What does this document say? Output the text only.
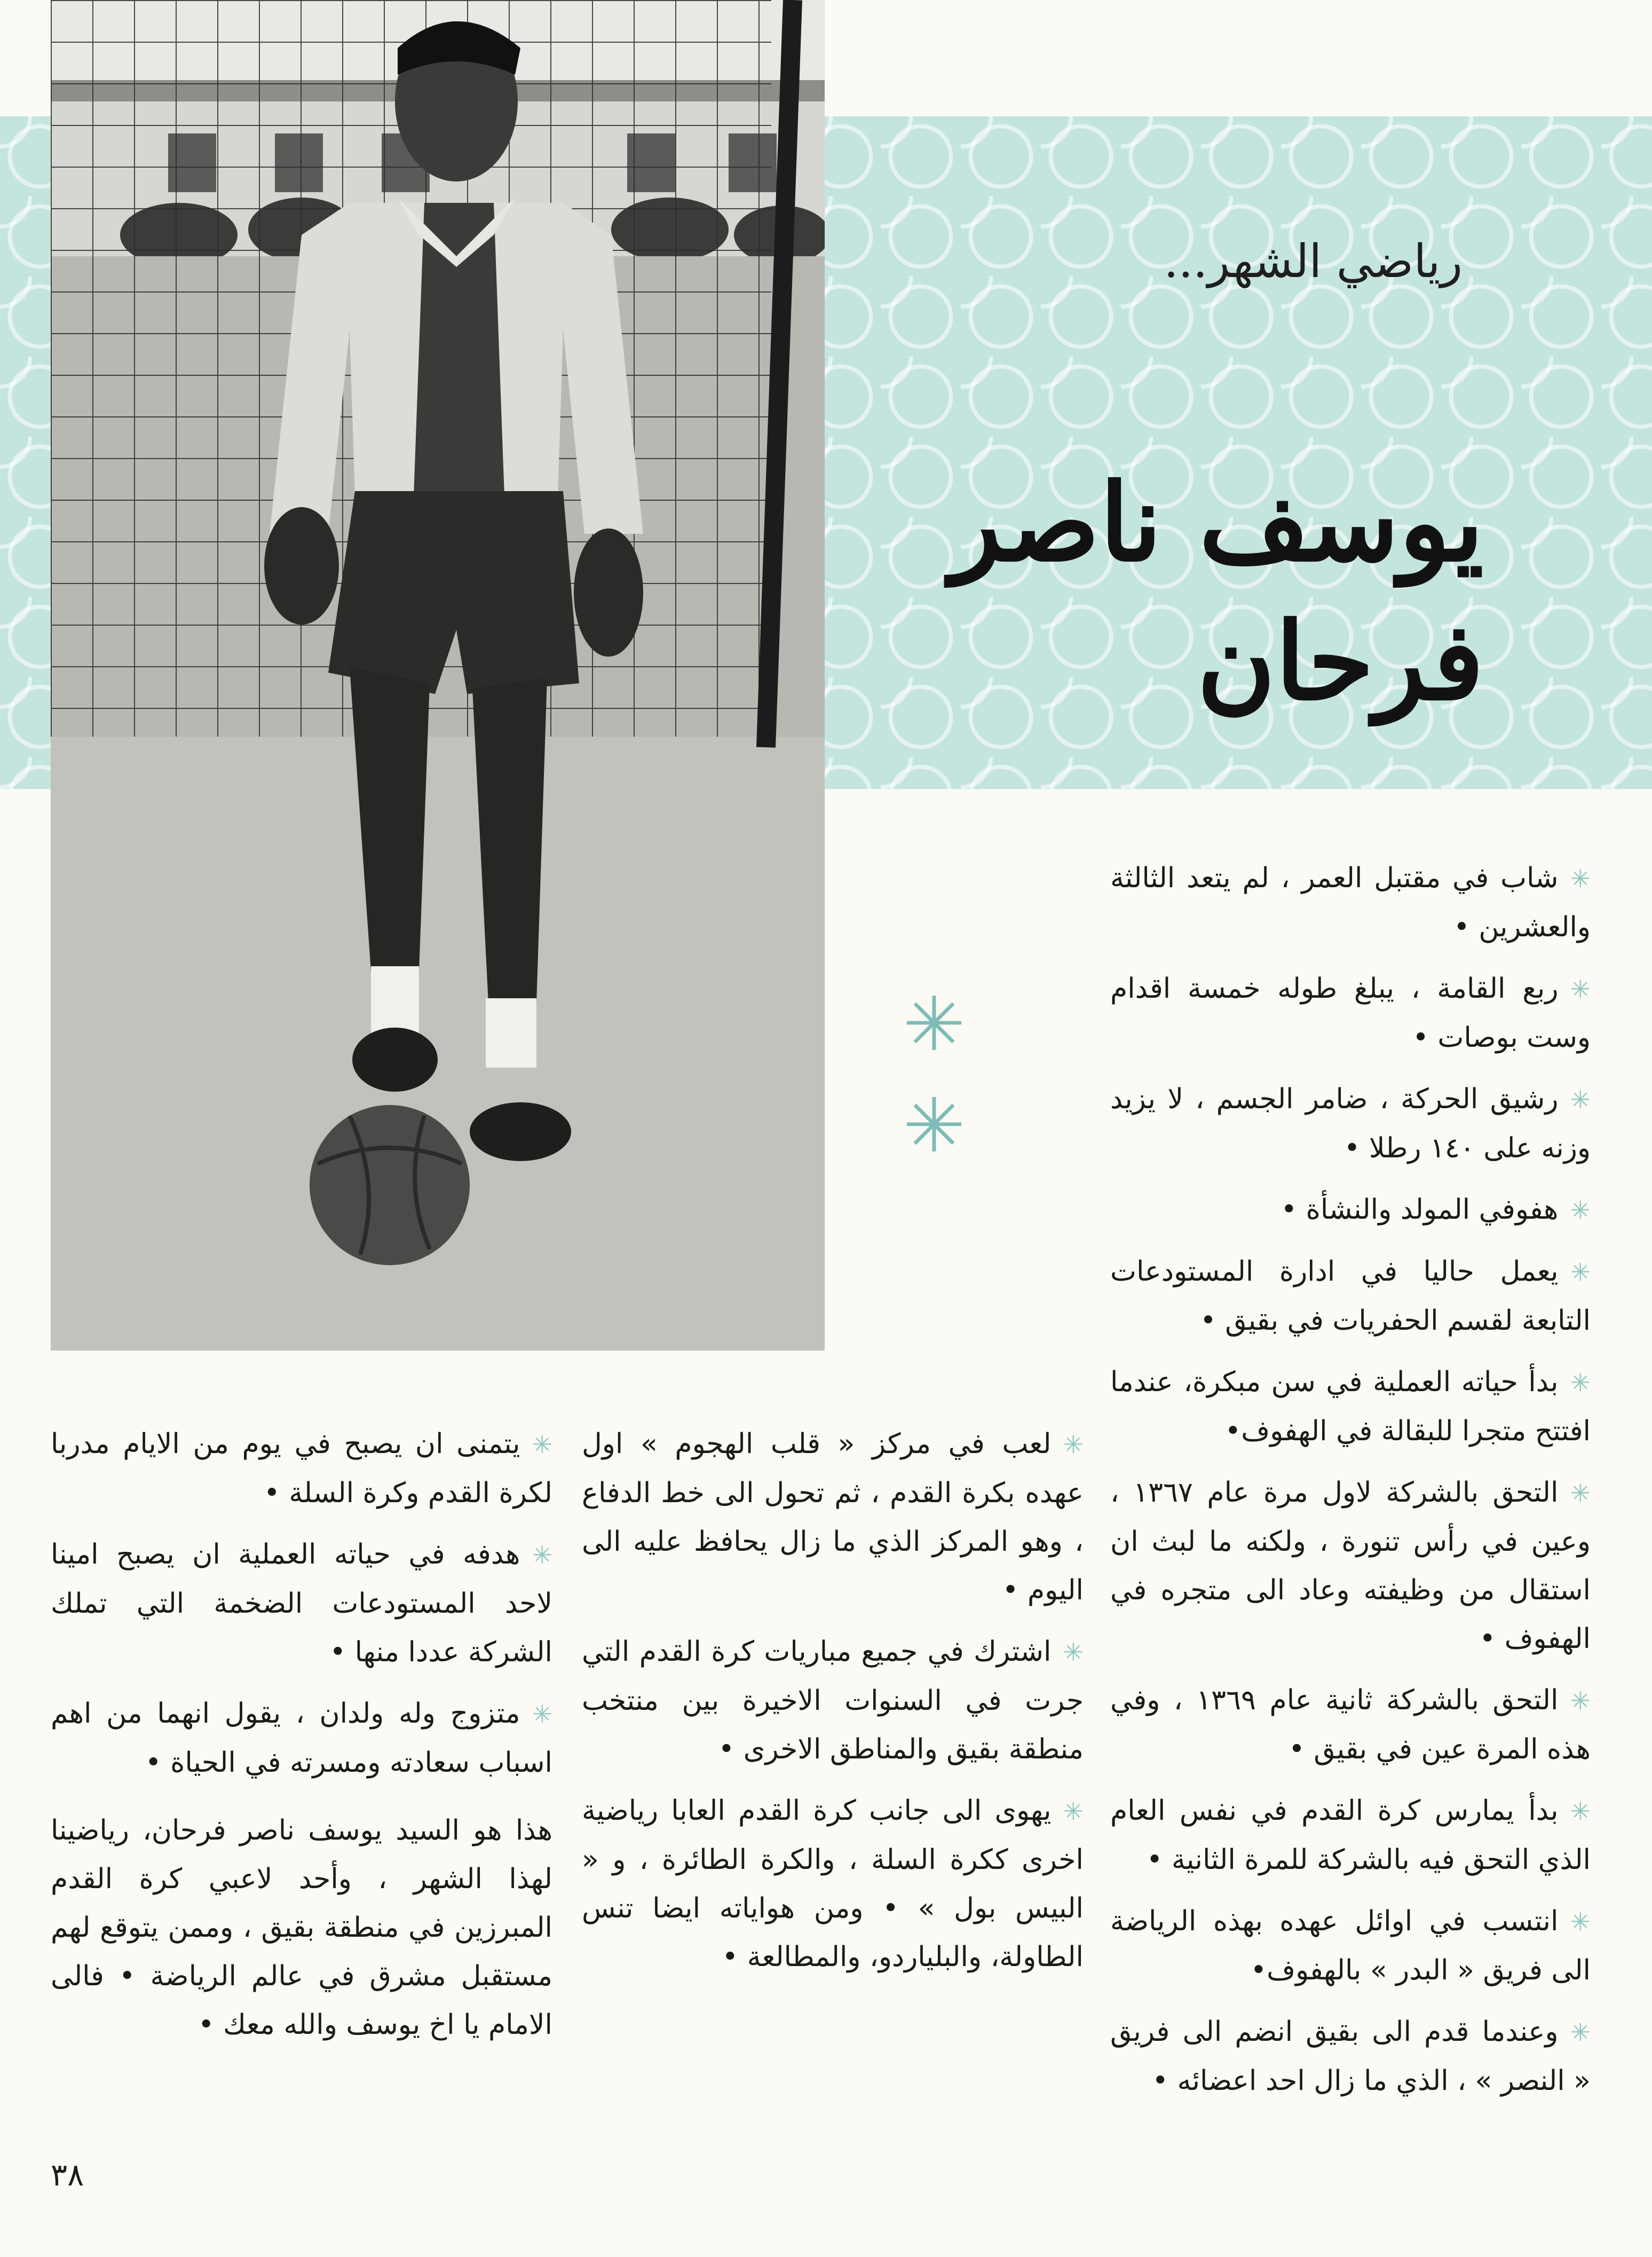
رياضي الشهر...
يوسف ناصر فرحان
✳
✳

✳شاب في مقتبل العمر ، لم يتعد الثالثة والعشرين •

✳ربع القامة ، يبلغ طوله خمسة اقدام وست بوصات •

✳رشيق الحركة ، ضامر الجسم ، لا يزيد وزنه على ١٤٠ رطلا •

✳هفوفي المولد والنشأة •

✳يعمل حاليا في ادارة المستودعات التابعة لقسم الحفريات في بقيق •

✳بدأ حياته العملية في سن مبكرة، عندما افتتح متجرا للبقالة في الهفوف•

✳التحق بالشركة لاول مرة عام ١٣٦٧ ، وعين في رأس تنورة ، ولكنه ما لبث ان استقال من وظيفته وعاد الى متجره في الهفوف •

✳التحق بالشركة ثانية عام ١٣٦٩ ، وفي هذه المرة عين في بقيق •

✳بدأ يمارس كرة القدم في نفس العام الذي التحق فيه بالشركة للمرة الثانية •

✳انتسب في اوائل عهده بهذه الرياضة الى فريق « البدر » بالهفوف•

✳وعندما قدم الى بقيق انضم الى فريق « النصر » ، الذي ما زال احد اعضائه •

✳لعب في مركز « قلب الهجوم » اول عهده بكرة القدم ، ثم تحول الى خط الدفاع ، وهو المركز الذي ما زال يحافظ عليه الى اليوم •

✳اشترك في جميع مباريات كرة القدم التي جرت في السنوات الاخيرة بين منتخب منطقة بقيق والمناطق الاخرى •

✳يهوى الى جانب كرة القدم العابا رياضية اخرى ككرة السلة ، والكرة الطائرة ، و « البيس بول » • ومن هواياته ايضا تنس الطاولة، والبلياردو، والمطالعة •

✳يتمنى ان يصبح في يوم من الايام مدربا لكرة القدم وكرة السلة •

✳هدفه في حياته العملية ان يصبح امينا لاحد المستودعات الضخمة التي تملك الشركة عددا منها •

✳متزوج وله ولدان ، يقول انهما من اهم اسباب سعادته ومسرته في الحياة •

هذا هو السيد يوسف ناصر فرحان، رياضينا لهذا الشهر ، وأحد لاعبي كرة القدم المبرزين في منطقة بقيق ، وممن يتوقع لهم مستقبل مشرق في عالم الرياضة • فالى الامام يا اخ يوسف والله معك •

٣٨
